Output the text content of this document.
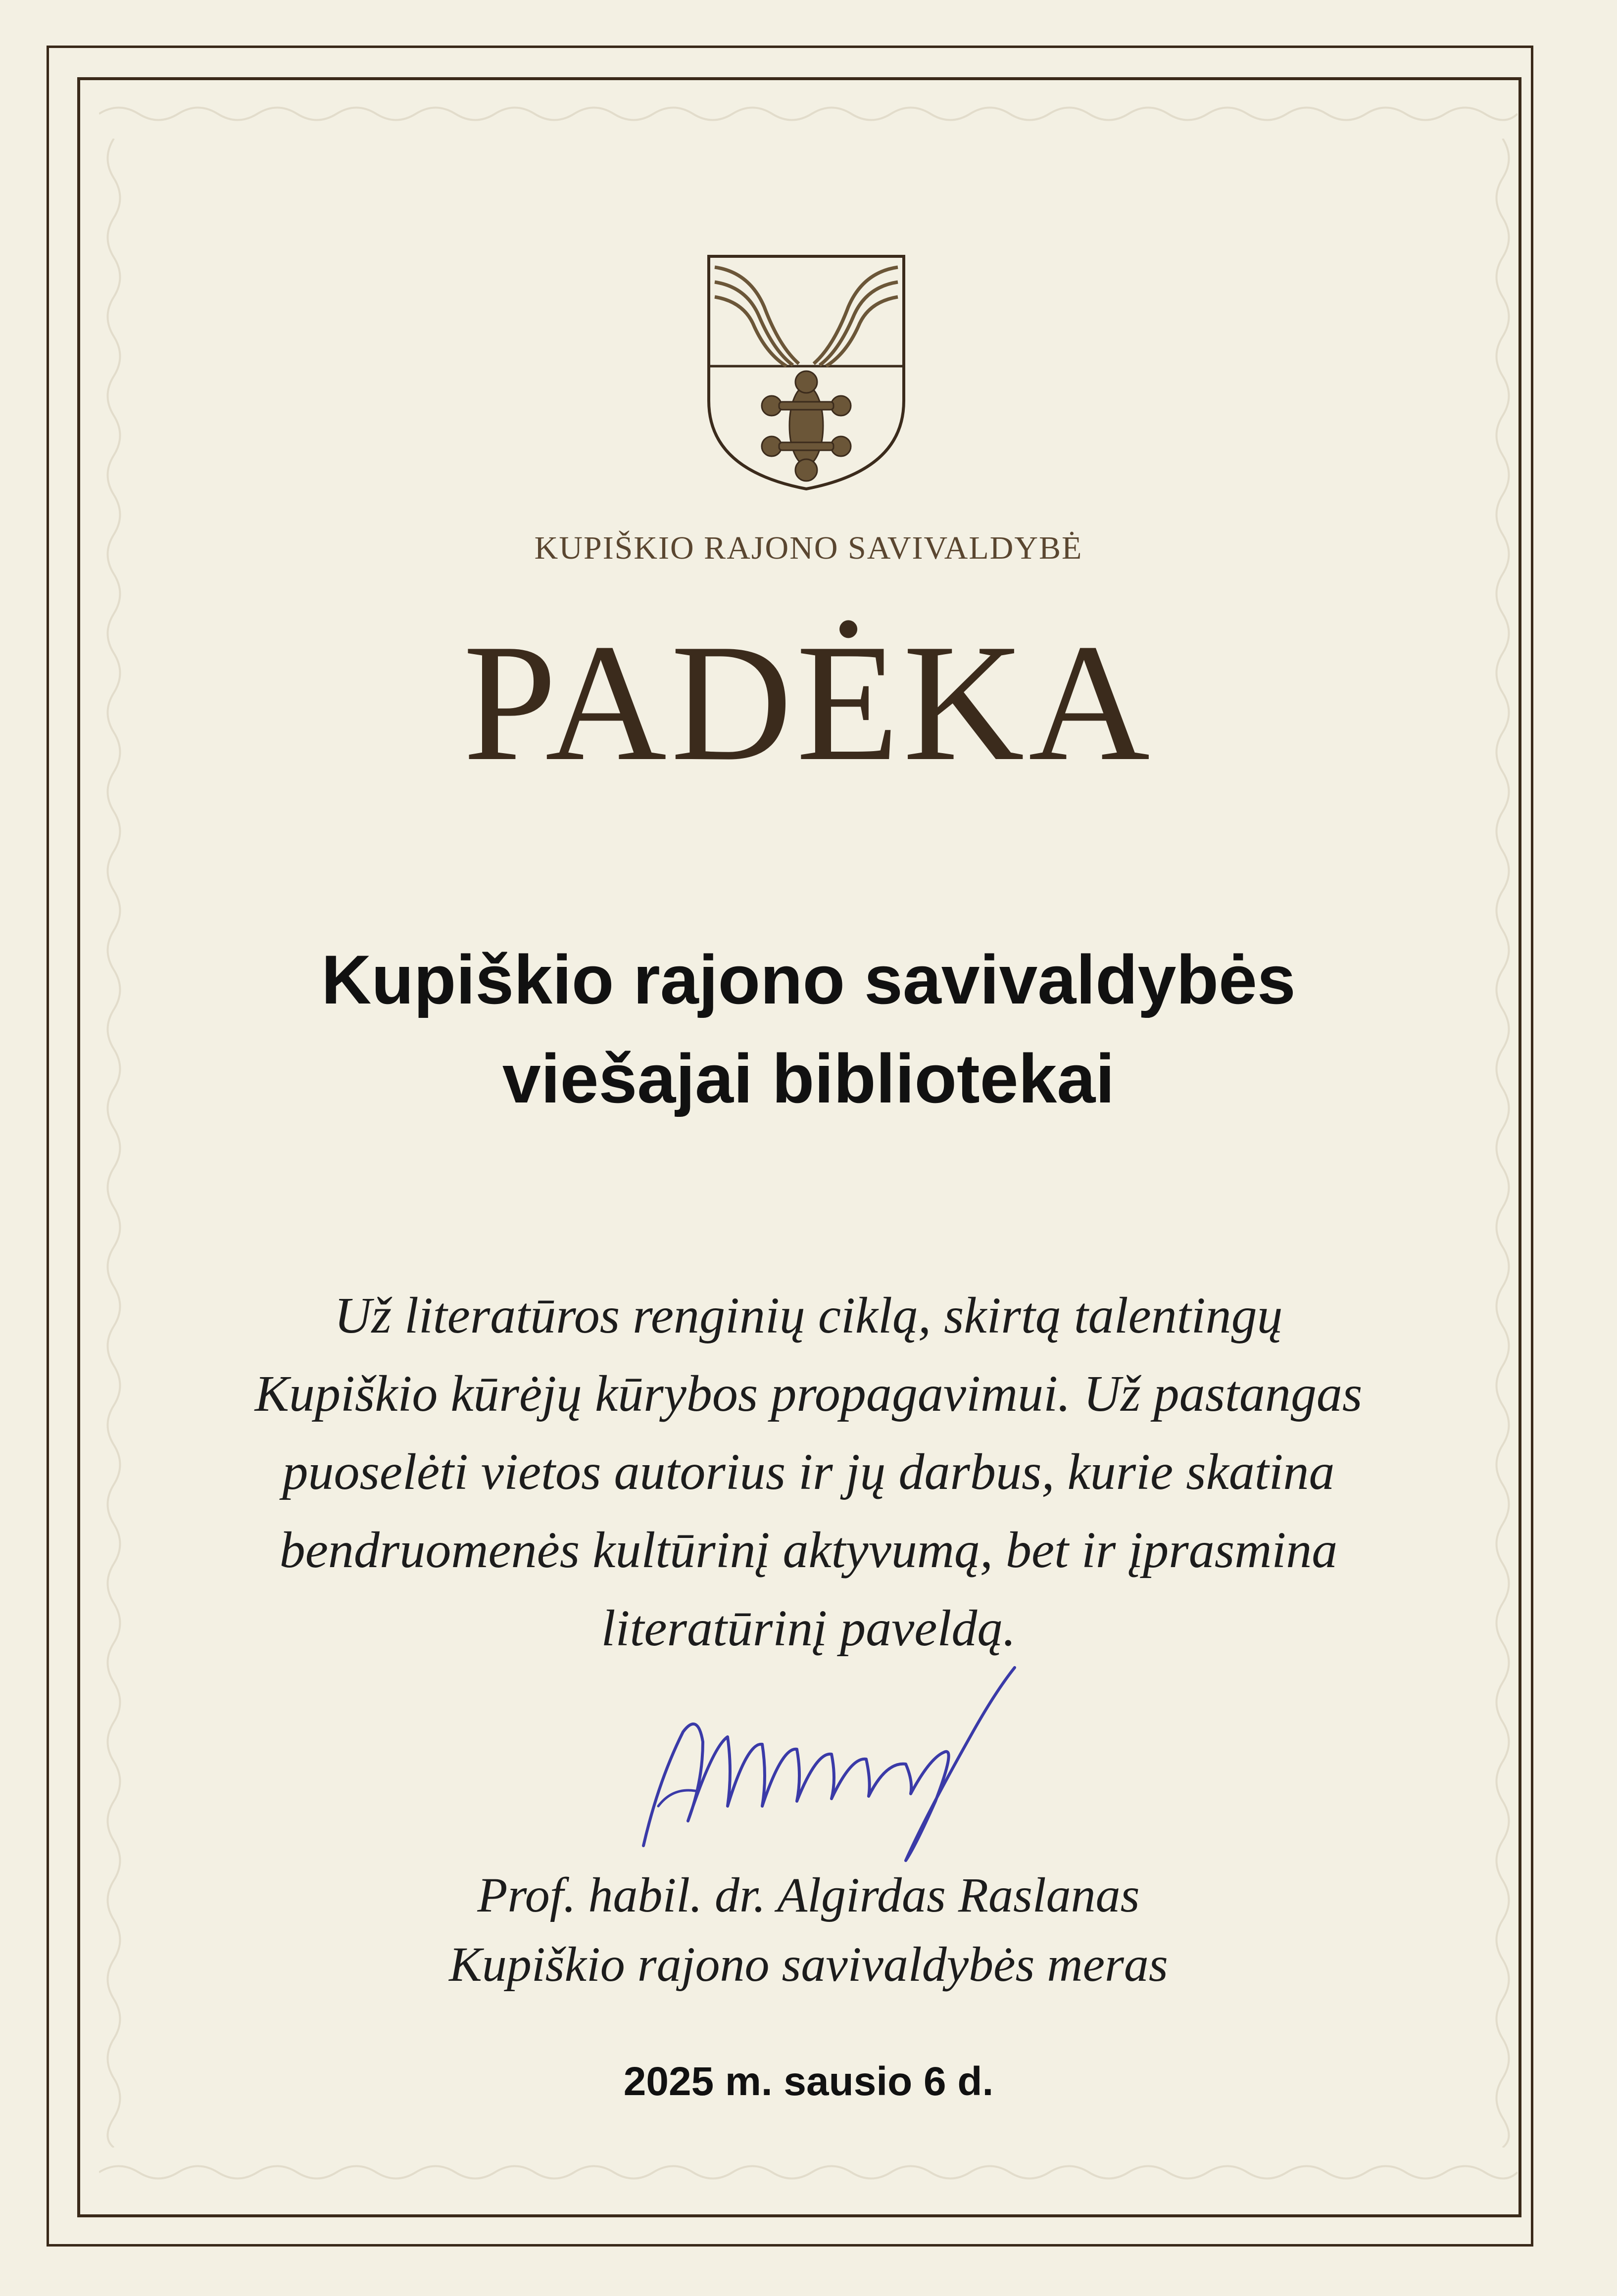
KUPIŠKIO RAJONO SAVIVALDYBĖ
PADĖKA
Kupiškio rajono savivaldybės
viešajai bibliotekai
Už literatūros renginių ciklą, skirtą talentingų
Kupiškio kūrėjų kūrybos propagavimui. Už pastangas
puoselėti vietos autorius ir jų darbus, kurie skatina
bendruomenės kultūrinį aktyvumą, bet ir įprasmina
literatūrinį paveldą.
Prof. habil. dr. Algirdas Raslanas
Kupiškio rajono savivaldybės meras
2025 m. sausio 6 d.
